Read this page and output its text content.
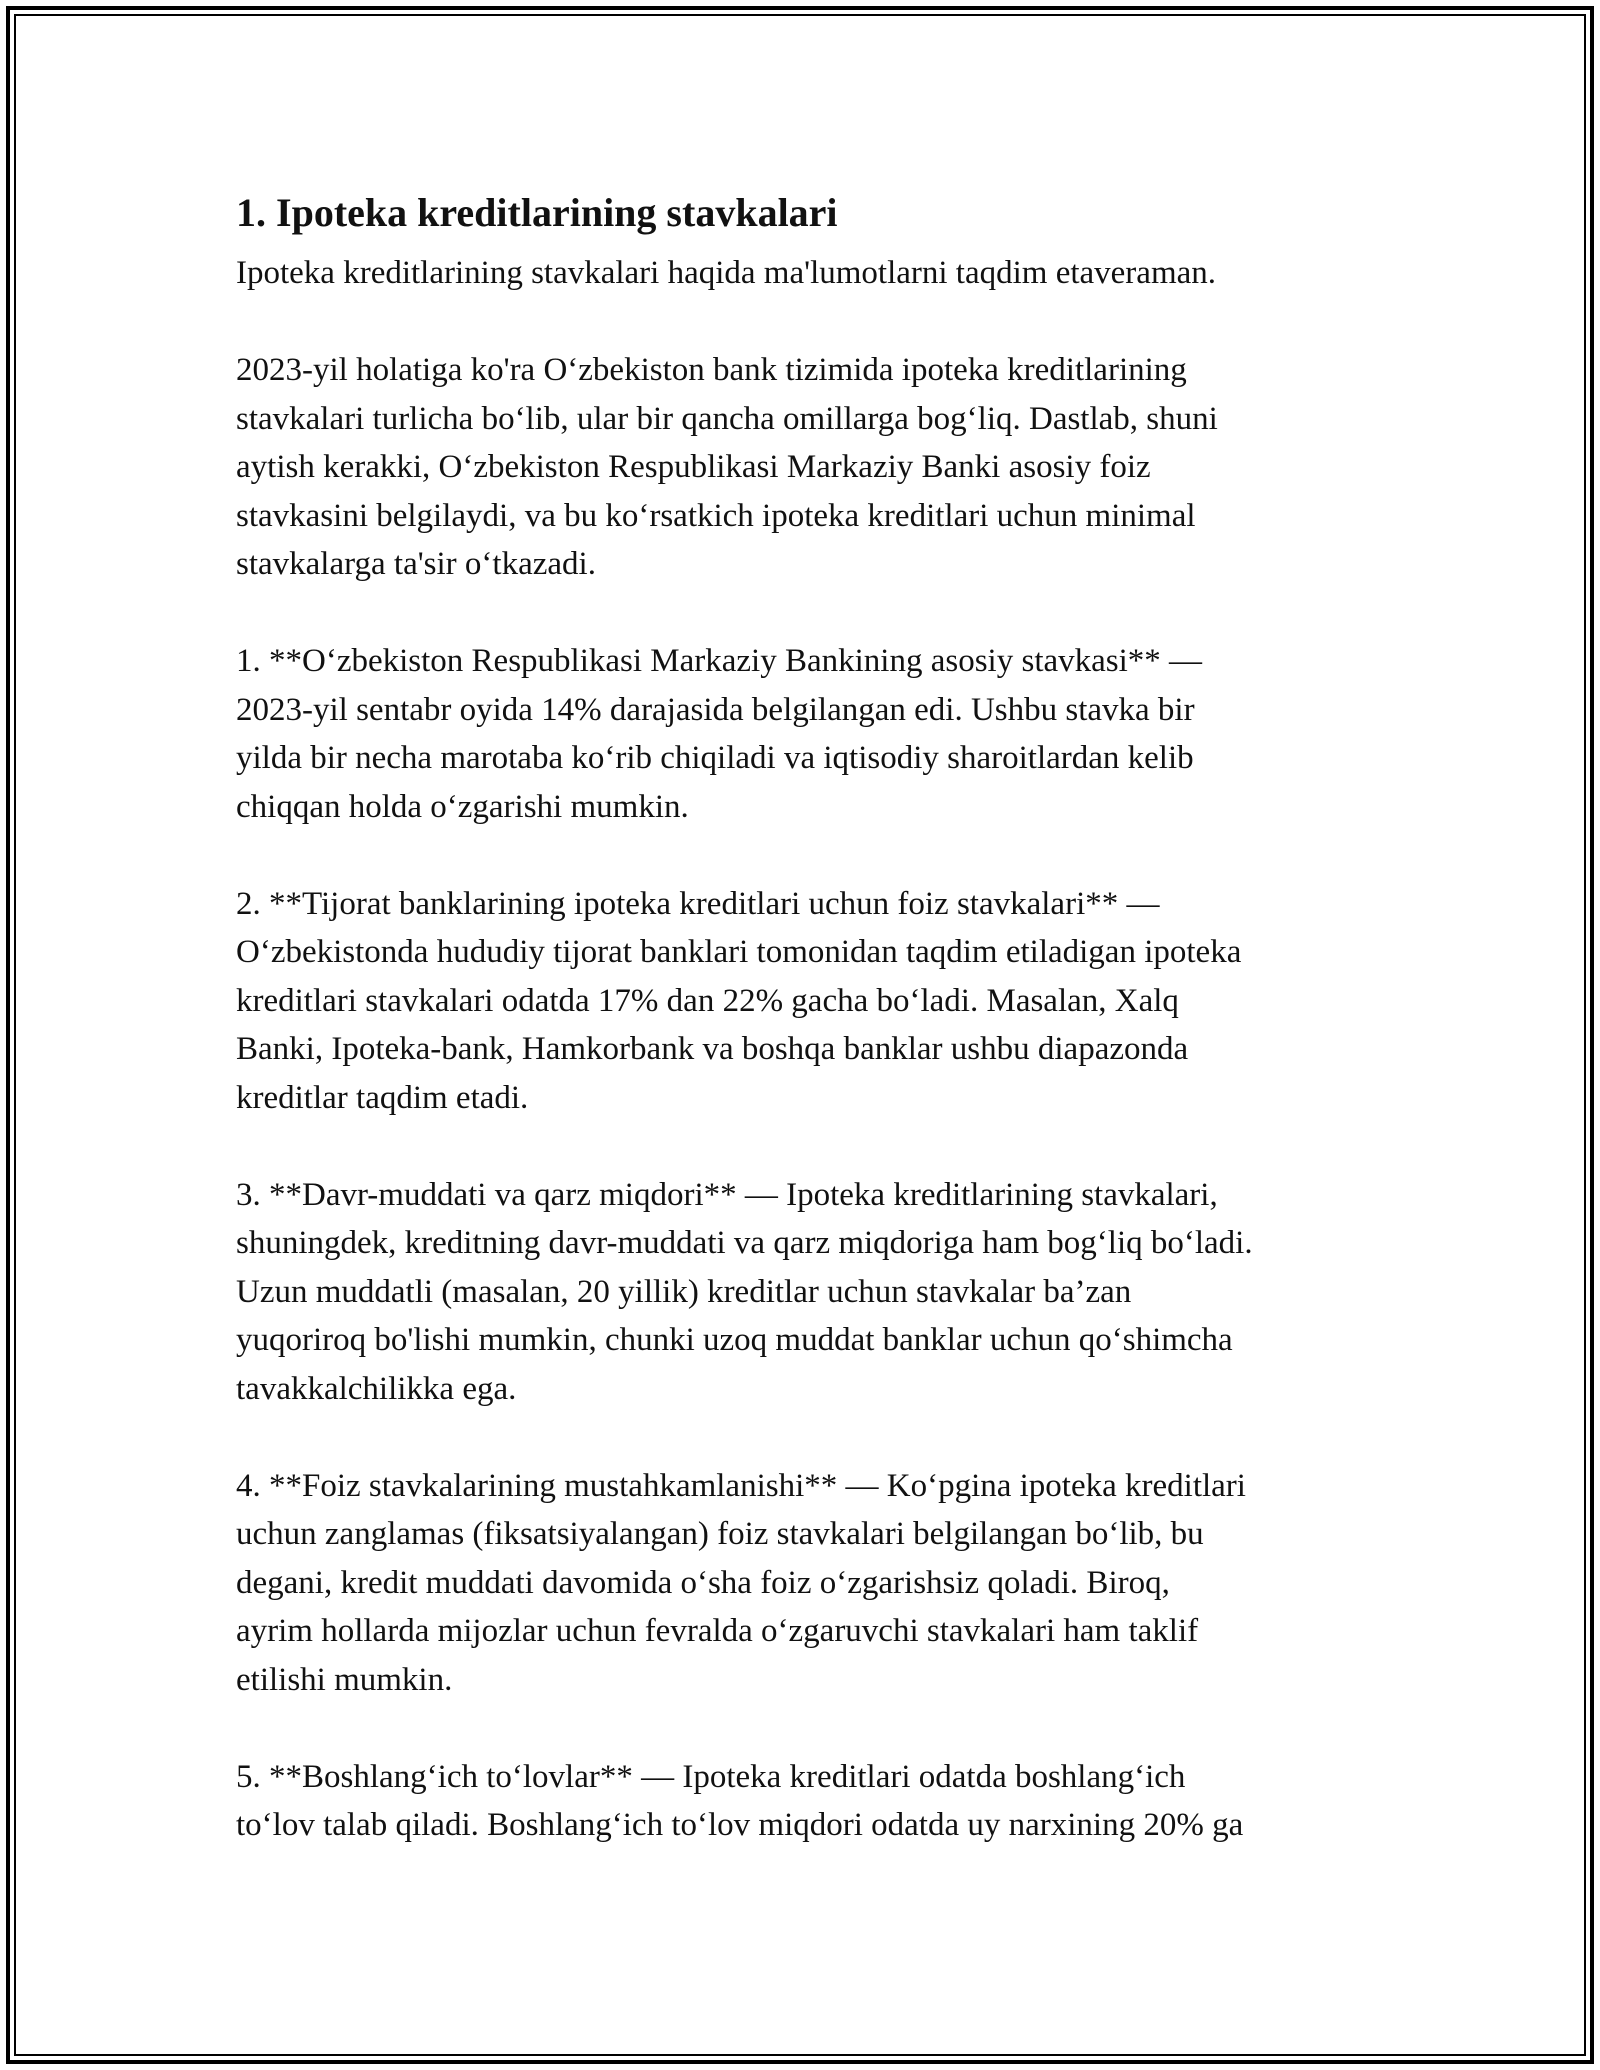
1. Ipoteka kreditlarining stavkalari

Ipoteka kreditlarining stavkalari haqida ma'lumotlarni taqdim etaveraman.

2023-yil holatiga ko'ra O‘zbekiston bank tizimida ipoteka kreditlarining
stavkalari turlicha bo‘lib, ular bir qancha omillarga bog‘liq. Dastlab, shuni
aytish kerakki, O‘zbekiston Respublikasi Markaziy Banki asosiy foiz
stavkasini belgilaydi, va bu ko‘rsatkich ipoteka kreditlari uchun minimal
stavkalarga ta'sir o‘tkazadi.

1. **O‘zbekiston Respublikasi Markaziy Bankining asosiy stavkasi** —
2023-yil sentabr oyida 14% darajasida belgilangan edi. Ushbu stavka bir
yilda bir necha marotaba ko‘rib chiqiladi va iqtisodiy sharoitlardan kelib
chiqqan holda o‘zgarishi mumkin.

2. **Tijorat banklarining ipoteka kreditlari uchun foiz stavkalari** —
O‘zbekistonda hududiy tijorat banklari tomonidan taqdim etiladigan ipoteka
kreditlari stavkalari odatda 17% dan 22% gacha bo‘ladi. Masalan, Xalq
Banki, Ipoteka-bank, Hamkorbank va boshqa banklar ushbu diapazonda
kreditlar taqdim etadi.

3. **Davr-muddati va qarz miqdori** — Ipoteka kreditlarining stavkalari,
shuningdek, kreditning davr-muddati va qarz miqdoriga ham bog‘liq bo‘ladi.
Uzun muddatli (masalan, 20 yillik) kreditlar uchun stavkalar ba’zan
yuqoriroq bo'lishi mumkin, chunki uzoq muddat banklar uchun qo‘shimcha
tavakkalchilikka ega.

4. **Foiz stavkalarining mustahkamlanishi** — Ko‘pgina ipoteka kreditlari
uchun zanglamas (fiksatsiyalangan) foiz stavkalari belgilangan bo‘lib, bu
degani, kredit muddati davomida o‘sha foiz o‘zgarishsiz qoladi. Biroq,
ayrim hollarda mijozlar uchun fevralda o‘zgaruvchi stavkalari ham taklif
etilishi mumkin.

5. **Boshlang‘ich to‘lovlar** — Ipoteka kreditlari odatda boshlang‘ich
to‘lov talab qiladi. Boshlang‘ich to‘lov miqdori odatda uy narxining 20% ga
